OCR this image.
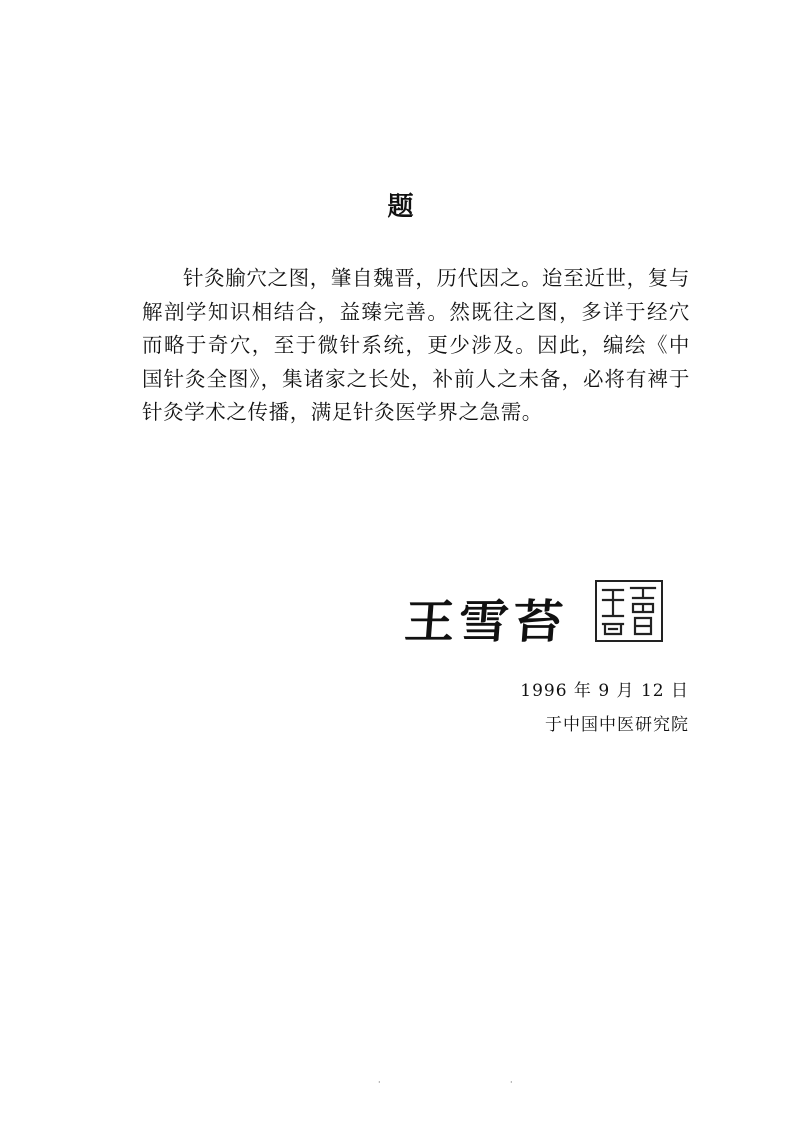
题

针灸腧穴之图，肇自魏晋，历代因之。迨至近世，复与解剖学知识相结合，益臻完善。然既往之图，多详于经穴而略于奇穴，至于微针系统，更少涉及。因此，编绘《中国针灸全图》，集诸家之长处，补前人之未备，必将有裨于针灸学术之传播，满足针灸医学界之急需。

王雪苔
1996 年 9 月 12 日
于中国中医研究院
·	·
